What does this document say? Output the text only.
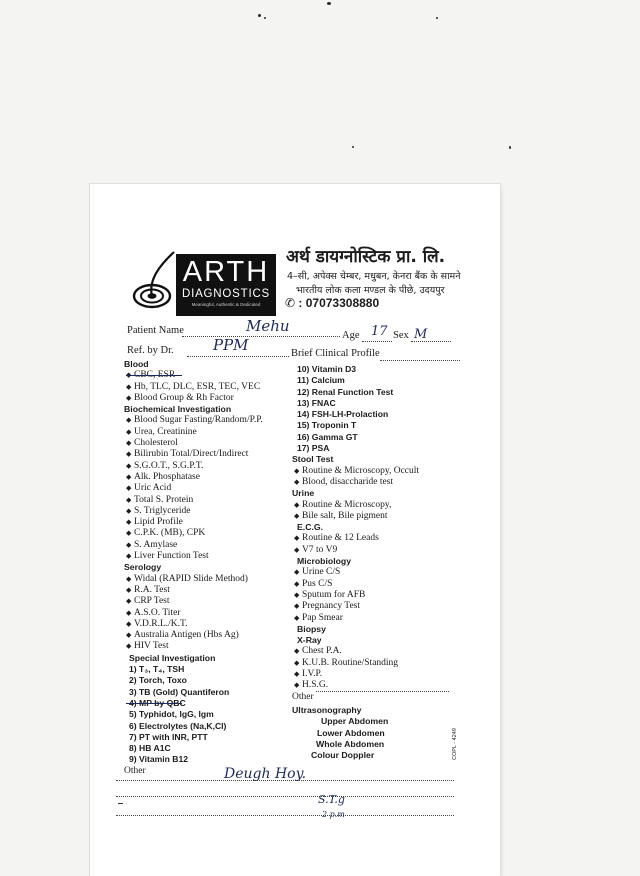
ARTH
DIAGNOSTICS
Meaningful, Authentic & Dedicated
अर्थ डायग्नोस्टिक प्रा. लि.
4–सी, अपेक्स चेम्बर, मधुबन, केनरा बैंक के सामने
भारतीय लोक कला मण्डल के पीछे, उदयपुर
✆ : 07073308880
Patient Name	Mehu
Age 17 Sex M
Ref. by Dr.	PPM	Brief Clinical Profile
Blood
◆ CBC, ESR
◆ Hb, TLC, DLC, ESR, TEC, VEC
◆ Blood Group & Rh Factor
Biochemical Investigation
◆ Blood Sugar Fasting/Random/P.P.
◆ Urea, Creatinine
◆ Cholesterol
◆ Bilirubin Total/Direct/Indirect
◆ S.G.O.T., S.G.P.T.
◆ Alk. Phosphatase
◆ Uric Acid
◆ Total S. Protein
◆ S. Triglyceride
◆ Lipid Profile
◆ C.P.K. (MB), CPK
◆ S. Amylase
◆ Liver Function Test
Serology
◆ Widal (RAPID Slide Method)
◆ R.A. Test
◆ CRP Test
◆ A.S.O. Titer
◆ V.D.R.L./K.T.
◆ Australia Antigen (Hbs Ag)
◆ HIV Test
Special Investigation
1) T₃, T₄, TSH
2) Torch, Toxo
3) TB (Gold) Quantiferon
4) MP by QBC
5) Typhidot, IgG, Igm
6) Electrolytes (Na,K,Cl)
7) PT with INR, PTT
8) HB A1C
9) Vitamin B12
Other
10) Vitamin D3
11) Calcium
12) Renal Function Test
13) FNAC
14) FSH-LH-Prolaction
15) Troponin T
16) Gamma GT
17) PSA
Stool Test
◆ Routine & Microscopy, Occult
◆ Blood, disaccharide test
Urine
◆ Routine & Microscopy,
◆ Bile salt, Bile pigment
E.C.G.
◆ Routine & 12 Leads
◆ V7 to V9
Microbiology
◆ Urine C/S
◆ Pus C/S
◆ Sputum for AFB
◆ Pregnancy Test
◆ Pap Smear
Biopsy
X-Ray
◆ Chest P.A.
◆ K.U.B. Routine/Standing
◆ I.V.P.
◆ H.S.G.
Other
Ultrasonography
Upper Abdomen
Lower Abdomen
Whole Abdomen
Colour Doppler	COPL - 4249
Deugh Hoy.
S.T.g
2 p.m
